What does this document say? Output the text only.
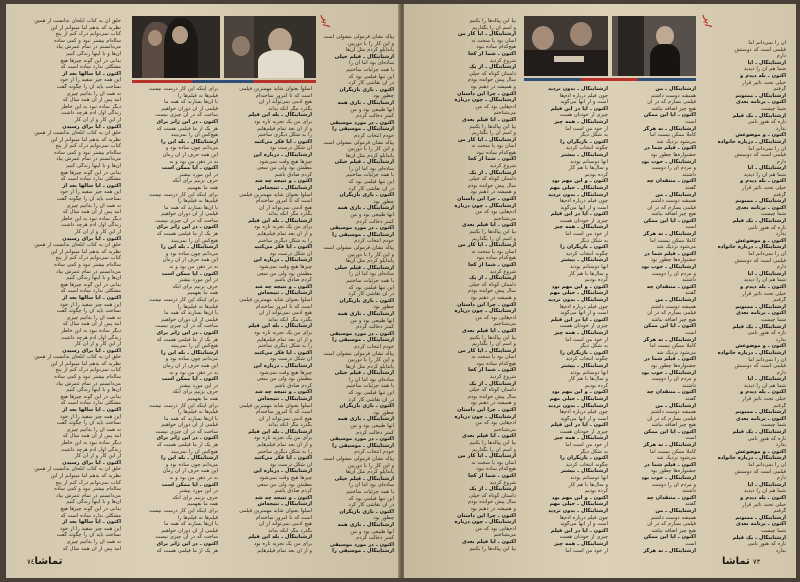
ابر
خلق آن به کتاب ابلحان ندانست از همین
نظریه که بدهم اما میتوانم از این
کتاب نمی‌توانم درک کنم از پنج
ساله‌ام بیشتر نبود و کمی ساده
می‌دانستم در تمام عمرش بیاد
آن‌ها و با اینها زندگی کنیم
بدانی در این گونه چیزها هیچ
مشکلی ندارد ساده است که
اکنون ـ آیا سالها بعد از
این همه چیز سفید را از خود
نساخت باید آن را چگونه گفت
نه همه آن را بدانیم چیزی
آمد پس از آن همه سال که
دیگر ساده نبود به این خاطر
زندگی اول آدم هرچه داشت
از این کار و از آن کار
اکنون ـ آیا برای رسیدن
خلق آن به کتاب ابلحان ندانست از همین
نظریه که بدهم اما میتوانم از این
کتاب نمی‌توانم درک کنم از پنج
ساله‌ام بیشتر نبود و کمی ساده
می‌دانستم در تمام عمرش بیاد
آن‌ها و با اینها زندگی کنیم
بدانی در این گونه چیزها هیچ
مشکلی ندارد ساده است که
اکنون ـ آیا سالها بعد از
این همه چیز سفید را از خود
نساخت باید آن را چگونه گفت
نه همه آن را بدانیم چیزی
آمد پس از آن همه سال که
دیگر ساده نبود به این خاطر
زندگی اول آدم هرچه داشت
از این کار و از آن کار
اکنون ـ آیا برای رسیدن
خلق آن به کتاب ابلحان ندانست از همین
نظریه که بدهم اما میتوانم از این
کتاب نمی‌توانم درک کنم از پنج
ساله‌ام بیشتر نبود و کمی ساده
می‌دانستم در تمام عمرش بیاد
آن‌ها و با اینها زندگی کنیم
بدانی در این گونه چیزها هیچ
مشکلی ندارد ساده است که
اکنون ـ آیا سالها بعد از
این همه چیز سفید را از خود
نساخت باید آن را چگونه گفت
نه همه آن را بدانیم چیزی
آمد پس از آن همه سال که
دیگر ساده نبود به این خاطر
زندگی اول آدم هرچه داشت
از این کار و از آن کار
اکنون ـ آیا برای رسیدن
خلق آن به کتاب ابلحان ندانست از همین
نظریه که بدهم اما میتوانم از این
کتاب نمی‌توانم درک کنم از پنج
ساله‌ام بیشتر نبود و کمی ساده
می‌دانستم در تمام عمرش بیاد
آن‌ها و با اینها زندگی کنیم
بدانی در این گونه چیزها هیچ
مشکلی ندارد ساده است که
اکنون ـ آیا سالها بعد از
این همه چیز سفید را از خود
نساخت باید آن را چگونه گفت
نه همه آن را بدانیم چیزی
آمد پس از آن همه سال که
دیگر ساده نبود به این خاطر
زندگی اول آدم هرچه داشت
از این کار و از آن کار
اکنون ـ آیا برای رسیدن
خلق آن به کتاب ابلحان ندانست از همین
نظریه که بدهم اما میتوانم از این
کتاب نمی‌توانم درک کنم از پنج
ساله‌ام بیشتر نبود و کمی ساده
می‌دانستم در تمام عمرش بیاد
آن‌ها و با اینها زندگی کنیم
بدانی در این گونه چیزها هیچ
مشکلی ندارد ساده است که
اکنون ـ آیا سالها بعد از
این همه چیز سفید را از خود
نساخت باید آن را چگونه گفت
نه همه آن را بدانیم چیزی
آمد پس از آن همه سال که
برای اینکه این کار درست نیست
فیلم‌ها نه فیلم‌ها را
با آن‌ها بسازند که همه ما
فیلمی از آن دوران خواهیم
ساخت که در آن چیزی نیست
اکنون ـ در این ژانر برای
هر یک از ما فیلمی هست که
هیچ‌کس آن را نمی‌بیند
ارشتاینگال ـ بله این را
می‌دانم چون ساده بود و
این همه حرف از آن زمان
نه در ذهن من بود و نه
اکنون ـ آیا ممکن است
در این مورد بیشتر
حرف بزنیم برای آنکه
همه ما بفهمیم
برای اینکه این کار درست نیست
فیلم‌ها نه فیلم‌ها را
با آن‌ها بسازند که همه ما
فیلمی از آن دوران خواهیم
ساخت که در آن چیزی نیست
اکنون ـ در این ژانر برای
هر یک از ما فیلمی هست که
هیچ‌کس آن را نمی‌بیند
ارشتاینگال ـ بله این را
می‌دانم چون ساده بود و
این همه حرف از آن زمان
نه در ذهن من بود و نه
اکنون ـ آیا ممکن است
در این مورد بیشتر
حرف بزنیم برای آنکه
همه ما بفهمیم
برای اینکه این کار درست نیست
فیلم‌ها نه فیلم‌ها را
با آن‌ها بسازند که همه ما
فیلمی از آن دوران خواهیم
ساخت که در آن چیزی نیست
اکنون ـ در این ژانر برای
هر یک از ما فیلمی هست که
هیچ‌کس آن را نمی‌بیند
ارشتاینگال ـ بله این را
می‌دانم چون ساده بود و
این همه حرف از آن زمان
نه در ذهن من بود و نه
اکنون ـ آیا ممکن است
در این مورد بیشتر
حرف بزنیم برای آنکه
همه ما بفهمیم
برای اینکه این کار درست نیست
فیلم‌ها نه فیلم‌ها را
با آن‌ها بسازند که همه ما
فیلمی از آن دوران خواهیم
ساخت که در آن چیزی نیست
اکنون ـ در این ژانر برای
هر یک از ما فیلمی هست که
هیچ‌کس آن را نمی‌بیند
ارشتاینگال ـ بله این را
می‌دانم چون ساده بود و
این همه حرف از آن زمان
نه در ذهن من بود و نه
اکنون ـ آیا ممکن است
در این مورد بیشتر
حرف بزنیم برای آنکه
همه ما بفهمیم
برای اینکه این کار درست نیست
فیلم‌ها نه فیلم‌ها را
با آن‌ها بسازند که همه ما
فیلمی از آن دوران خواهیم
ساخت که در آن چیزی نیست
اکنون ـ در این ژانر برای
هر یک از ما فیلمی هست که
اسلوا بعنوان شاید مهمترین فیلمی
است که تا امروز ساخته‌ام
هیچ آدمی نمی‌تواند از آن
بگذرد مگر آنکه بداند
ارشتاینگال ـ بله این فیلم
برای من یک تجربه تازه بود
و از آن بعد تمام فیلم‌هایم
را به شکل دیگری ساختم
اکنون ـ آیا فکر می‌کنید
آن شکل درست بود
ارشتاینگال ـ درباره این
چیزها هیچ وقت نمی‌شود
مطمئن بود ولی من سعی
کردم صادق باشم
اکنون ـ و نتیجه چه شد
ارشتاینگال ـ نتیجه‌اش
اسلوا بعنوان شاید مهمترین فیلمی
است که تا امروز ساخته‌ام
هیچ آدمی نمی‌تواند از آن
بگذرد مگر آنکه بداند
ارشتاینگال ـ بله این فیلم
برای من یک تجربه تازه بود
و از آن بعد تمام فیلم‌هایم
را به شکل دیگری ساختم
اکنون ـ آیا فکر می‌کنید
آن شکل درست بود
ارشتاینگال ـ درباره این
چیزها هیچ وقت نمی‌شود
مطمئن بود ولی من سعی
کردم صادق باشم
اکنون ـ و نتیجه چه شد
ارشتاینگال ـ نتیجه‌اش
اسلوا بعنوان شاید مهمترین فیلمی
است که تا امروز ساخته‌ام
هیچ آدمی نمی‌تواند از آن
بگذرد مگر آنکه بداند
ارشتاینگال ـ بله این فیلم
برای من یک تجربه تازه بود
و از آن بعد تمام فیلم‌هایم
را به شکل دیگری ساختم
اکنون ـ آیا فکر می‌کنید
آن شکل درست بود
ارشتاینگال ـ درباره این
چیزها هیچ وقت نمی‌شود
مطمئن بود ولی من سعی
کردم صادق باشم
اکنون ـ و نتیجه چه شد
ارشتاینگال ـ نتیجه‌اش
اسلوا بعنوان شاید مهمترین فیلمی
است که تا امروز ساخته‌ام
هیچ آدمی نمی‌تواند از آن
بگذرد مگر آنکه بداند
ارشتاینگال ـ بله این فیلم
برای من یک تجربه تازه بود
و از آن بعد تمام فیلم‌هایم
را به شکل دیگری ساختم
اکنون ـ آیا فکر می‌کنید
آن شکل درست بود
ارشتاینگال ـ درباره این
چیزها هیچ وقت نمی‌شود
مطمئن بود ولی من سعی
کردم صادق باشم
اکنون ـ و نتیجه چه شد
ارشتاینگال ـ نتیجه‌اش
اسلوا بعنوان شاید مهمترین فیلمی
است که تا امروز ساخته‌ام
هیچ آدمی نمی‌تواند از آن
بگذرد مگر آنکه بداند
ارشتاینگال ـ بله این فیلم
برای من یک تجربه تازه بود
و از آن بعد تمام فیلم‌هایم
پیاله نشان فرمولی مشولی است
و این کار را با دوربین
پاندایلو کردم مثل آن‌ها
ارشتاینگال ـ فیلم خیلی
ساده‌ای بود اما آن را
با همه جزئیات ساختیم
این تنها فیلمی بود که
در آن نقاشی کار کرد
اکنون ـ بازی بازیگران
چطور بود
ارشتاینگال ـ بازی همه
آنها طبیعی بود و من
کمتر دخالت کردم
اکنون ـ در مورد موسیقی
ارشتاینگال ـ موسیقی را
خودم انتخاب کردم
پیاله نشان فرمولی مشولی است
و این کار را با دوربین
پاندایلو کردم مثل آن‌ها
ارشتاینگال ـ فیلم خیلی
ساده‌ای بود اما آن را
با همه جزئیات ساختیم
این تنها فیلمی بود که
در آن نقاشی کار کرد
اکنون ـ بازی بازیگران
چطور بود
ارشتاینگال ـ بازی همه
آنها طبیعی بود و من
کمتر دخالت کردم
اکنون ـ در مورد موسیقی
ارشتاینگال ـ موسیقی را
خودم انتخاب کردم
پیاله نشان فرمولی مشولی است
و این کار را با دوربین
پاندایلو کردم مثل آن‌ها
ارشتاینگال ـ فیلم خیلی
ساده‌ای بود اما آن را
با همه جزئیات ساختیم
این تنها فیلمی بود که
در آن نقاشی کار کرد
اکنون ـ بازی بازیگران
چطور بود
ارشتاینگال ـ بازی همه
آنها طبیعی بود و من
کمتر دخالت کردم
اکنون ـ در مورد موسیقی
ارشتاینگال ـ موسیقی را
خودم انتخاب کردم
پیاله نشان فرمولی مشولی است
و این کار را با دوربین
پاندایلو کردم مثل آن‌ها
ارشتاینگال ـ فیلم خیلی
ساده‌ای بود اما آن را
با همه جزئیات ساختیم
این تنها فیلمی بود که
در آن نقاشی کار کرد
اکنون ـ بازی بازیگران
چطور بود
ارشتاینگال ـ بازی همه
آنها طبیعی بود و من
کمتر دخالت کردم
اکنون ـ در مورد موسیقی
ارشتاینگال ـ موسیقی را
خودم انتخاب کردم
پیاله نشان فرمولی مشولی است
و این کار را با دوربین
پاندایلو کردم مثل آن‌ها
ارشتاینگال ـ فیلم خیلی
ساده‌ای بود اما آن را
با همه جزئیات ساختیم
این تنها فیلمی بود که
در آن نقاشی کار کرد
اکنون ـ بازی بازیگران
چطور بود
ارشتاینگال ـ بازی همه
آنها طبیعی بود و من
کمتر دخالت کردم
اکنون ـ در مورد موسیقی
ارشتاینگال ـ موسیقی را
تماشا٧٤
ابر
بیا ابن پیاله‌ها را بکنیم
و اسم آن را بگذاریم
ارشتاینگال ـ آیا کار من
آسان بود یا سخت نه
هیچ‌کدام ساده نبود
اکنون ـ شما از کجا
شروع کردید
ارشتاینگال ـ از یک
داستان کوتاه که خیلی
سال پیش خوانده بودم
و همیشه در ذهنم بود
اکنون ـ چرا این داستان
ارشتاینگال ـ چون درباره
آدم‌هایی بود که من
می‌شناختم
اکنون ـ آیا فیلم بعدی
بیا ابن پیاله‌ها را بکنیم
و اسم آن را بگذاریم
ارشتاینگال ـ آیا کار من
آسان بود یا سخت نه
هیچ‌کدام ساده نبود
اکنون ـ شما از کجا
شروع کردید
ارشتاینگال ـ از یک
داستان کوتاه که خیلی
سال پیش خوانده بودم
و همیشه در ذهنم بود
اکنون ـ چرا این داستان
ارشتاینگال ـ چون درباره
آدم‌هایی بود که من
می‌شناختم
اکنون ـ آیا فیلم بعدی
بیا ابن پیاله‌ها را بکنیم
و اسم آن را بگذاریم
ارشتاینگال ـ آیا کار من
آسان بود یا سخت نه
هیچ‌کدام ساده نبود
اکنون ـ شما از کجا
شروع کردید
ارشتاینگال ـ از یک
داستان کوتاه که خیلی
سال پیش خوانده بودم
و همیشه در ذهنم بود
اکنون ـ چرا این داستان
ارشتاینگال ـ چون درباره
آدم‌هایی بود که من
می‌شناختم
اکنون ـ آیا فیلم بعدی
بیا ابن پیاله‌ها را بکنیم
و اسم آن را بگذاریم
ارشتاینگال ـ آیا کار من
آسان بود یا سخت نه
هیچ‌کدام ساده نبود
اکنون ـ شما از کجا
شروع کردید
ارشتاینگال ـ از یک
داستان کوتاه که خیلی
سال پیش خوانده بودم
و همیشه در ذهنم بود
اکنون ـ چرا این داستان
ارشتاینگال ـ چون درباره
آدم‌هایی بود که من
می‌شناختم
اکنون ـ آیا فیلم بعدی
بیا ابن پیاله‌ها را بکنیم
و اسم آن را بگذاریم
ارشتاینگال ـ آیا کار من
آسان بود یا سخت نه
هیچ‌کدام ساده نبود
اکنون ـ شما از کجا
شروع کردید
ارشتاینگال ـ از یک
داستان کوتاه که خیلی
سال پیش خوانده بودم
و همیشه در ذهنم بود
اکنون ـ چرا این داستان
ارشتاینگال ـ چون درباره
آدم‌هایی بود که من
می‌شناختم
اکنون ـ آیا فیلم بعدی
بیا ابن پیاله‌ها را بکنیم
ارشتاینگال ـ بدون تردید
چون فیلم درباره آدم‌ها
است و از آنها می‌گوید
اکنون ـ آیا در این فیلم
چیزی از خودتان هست
ارشتاینگال ـ همه چیز
از خود من است اما
به شکل دیگر
اکنون ـ بازیگران را
چگونه انتخاب کردید
ارشتاینگال ـ بیشتر
آنها دوستانم بودند
و سال‌ها با هم کار
کرده بودیم
اکنون ـ و این مهم بود
ارشتاینگال ـ خیلی مهم
ارشتاینگال ـ بدون تردید
چون فیلم درباره آدم‌ها
است و از آنها می‌گوید
اکنون ـ آیا در این فیلم
چیزی از خودتان هست
ارشتاینگال ـ همه چیز
از خود من است اما
به شکل دیگر
اکنون ـ بازیگران را
چگونه انتخاب کردید
ارشتاینگال ـ بیشتر
آنها دوستانم بودند
و سال‌ها با هم کار
کرده بودیم
اکنون ـ و این مهم بود
ارشتاینگال ـ خیلی مهم
ارشتاینگال ـ بدون تردید
چون فیلم درباره آدم‌ها
است و از آنها می‌گوید
اکنون ـ آیا در این فیلم
چیزی از خودتان هست
ارشتاینگال ـ همه چیز
از خود من است اما
به شکل دیگر
اکنون ـ بازیگران را
چگونه انتخاب کردید
ارشتاینگال ـ بیشتر
آنها دوستانم بودند
و سال‌ها با هم کار
کرده بودیم
اکنون ـ و این مهم بود
ارشتاینگال ـ خیلی مهم
ارشتاینگال ـ بدون تردید
چون فیلم درباره آدم‌ها
است و از آنها می‌گوید
اکنون ـ آیا در این فیلم
چیزی از خودتان هست
ارشتاینگال ـ همه چیز
از خود من است اما
به شکل دیگر
اکنون ـ بازیگران را
چگونه انتخاب کردید
ارشتاینگال ـ بیشتر
آنها دوستانم بودند
و سال‌ها با هم کار
کرده بودیم
اکنون ـ و این مهم بود
ارشتاینگال ـ خیلی مهم
ارشتاینگال ـ بدون تردید
چون فیلم درباره آدم‌ها
است و از آنها می‌گوید
اکنون ـ آیا در این فیلم
چیزی از خودتان هست
ارشتاینگال ـ همه چیز
از خود من است اما
ارشتاینگال ـ من
همیشه دوست داشتم
فیلمی بسازم که در آن
هیچ چیز اضافه نباشد
اکنون ـ آیا این ممکن
است
ارشتاینگال ـ نه هرگز
کاملا ممکن نیست اما
می‌شود نزدیک شد
اکنون ـ فیلم شما در
جشنواره‌ها چطور بود
ارشتاینگال ـ خوب بود
و مردم آن را دوست
داشتند
اکنون ـ منتقدان چه
گفتند
ارشتاینگال ـ من
همیشه دوست داشتم
فیلمی بسازم که در آن
هیچ چیز اضافه نباشد
اکنون ـ آیا این ممکن
است
ارشتاینگال ـ نه هرگز
کاملا ممکن نیست اما
می‌شود نزدیک شد
اکنون ـ فیلم شما در
جشنواره‌ها چطور بود
ارشتاینگال ـ خوب بود
و مردم آن را دوست
داشتند
اکنون ـ منتقدان چه
گفتند
ارشتاینگال ـ من
همیشه دوست داشتم
فیلمی بسازم که در آن
هیچ چیز اضافه نباشد
اکنون ـ آیا این ممکن
است
ارشتاینگال ـ نه هرگز
کاملا ممکن نیست اما
می‌شود نزدیک شد
اکنون ـ فیلم شما در
جشنواره‌ها چطور بود
ارشتاینگال ـ خوب بود
و مردم آن را دوست
داشتند
اکنون ـ منتقدان چه
گفتند
ارشتاینگال ـ من
همیشه دوست داشتم
فیلمی بسازم که در آن
هیچ چیز اضافه نباشد
اکنون ـ آیا این ممکن
است
ارشتاینگال ـ نه هرگز
کاملا ممکن نیست اما
می‌شود نزدیک شد
اکنون ـ فیلم شما در
جشنواره‌ها چطور بود
ارشتاینگال ـ خوب بود
و مردم آن را دوست
داشتند
اکنون ـ منتقدان چه
گفتند
ارشتاینگال ـ من
همیشه دوست داشتم
فیلمی بسازم که در آن
هیچ چیز اضافه نباشد
اکنون ـ آیا این ممکن
است
ارشتاینگال ـ نه هرگز
آن را نمی‌دانم اما
فیلمی است که دوستش
دارم
ارشتاینگال ـ آیا
شما هم آن را دیدید
اکنون ـ بله دیدم و
خیلی تحت تاثیر قرار
گرفتم
ارشتاینگال ـ ممنونم
اکنون ـ برنامه بعدی
شما چیست
ارشتاینگال ـ یک فیلم
تازه که هنوز نامی
ندارد
اکنون ـ و موضوعش
ارشتاینگال ـ درباره خانواده
آن را نمی‌دانم اما
فیلمی است که دوستش
دارم
ارشتاینگال ـ آیا
شما هم آن را دیدید
اکنون ـ بله دیدم و
خیلی تحت تاثیر قرار
گرفتم
ارشتاینگال ـ ممنونم
اکنون ـ برنامه بعدی
شما چیست
ارشتاینگال ـ یک فیلم
تازه که هنوز نامی
ندارد
اکنون ـ و موضوعش
ارشتاینگال ـ درباره خانواده
آن را نمی‌دانم اما
فیلمی است که دوستش
دارم
ارشتاینگال ـ آیا
شما هم آن را دیدید
اکنون ـ بله دیدم و
خیلی تحت تاثیر قرار
گرفتم
ارشتاینگال ـ ممنونم
اکنون ـ برنامه بعدی
شما چیست
ارشتاینگال ـ یک فیلم
تازه که هنوز نامی
ندارد
اکنون ـ و موضوعش
ارشتاینگال ـ درباره خانواده
آن را نمی‌دانم اما
فیلمی است که دوستش
دارم
ارشتاینگال ـ آیا
شما هم آن را دیدید
اکنون ـ بله دیدم و
خیلی تحت تاثیر قرار
گرفتم
ارشتاینگال ـ ممنونم
اکنون ـ برنامه بعدی
شما چیست
ارشتاینگال ـ یک فیلم
تازه که هنوز نامی
ندارد
اکنون ـ و موضوعش
ارشتاینگال ـ درباره خانواده
آن را نمی‌دانم اما
فیلمی است که دوستش
دارم
ارشتاینگال ـ آیا
شما هم آن را دیدید
اکنون ـ بله دیدم و
خیلی تحت تاثیر قرار
گرفتم
ارشتاینگال ـ ممنونم
اکنون ـ برنامه بعدی
شما چیست
ارشتاینگال ـ یک فیلم
تازه که هنوز نامی
ندارد
٧٣تماشا
